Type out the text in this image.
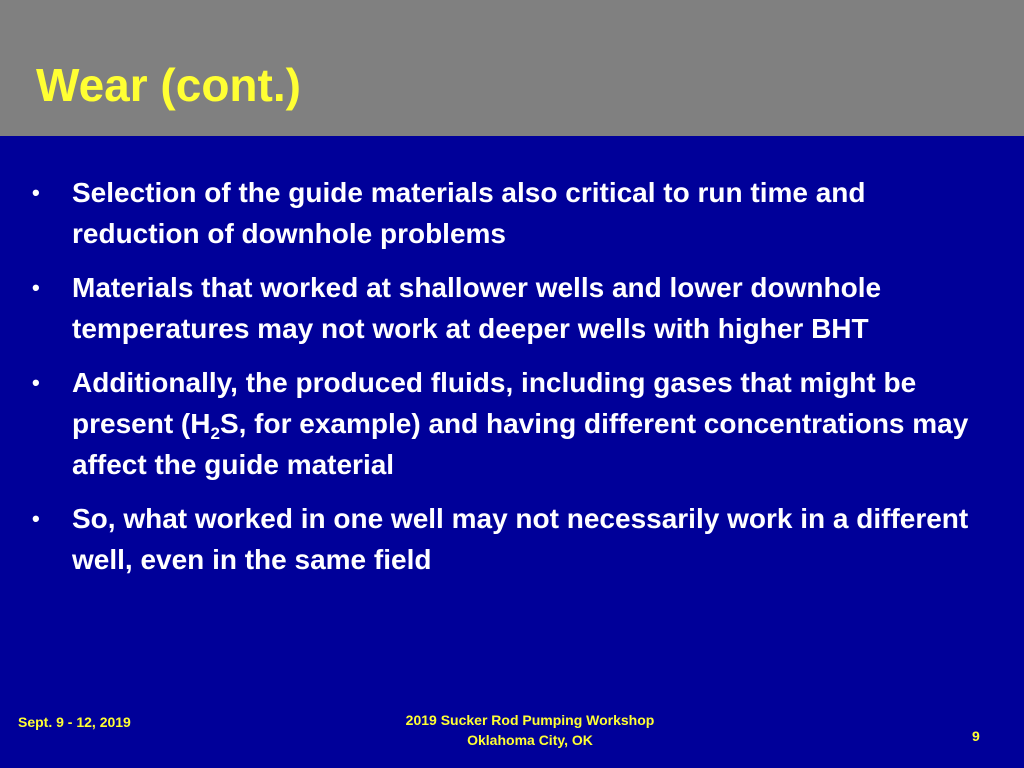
Wear (cont.)
• Selection of the guide materials also critical to run time and reduction of downhole problems
• Materials that worked at shallower wells and lower downhole temperatures may not work at deeper wells with higher BHT
• Additionally, the produced fluids, including gases that might be present ($H_2S$, for example) and having different concentrations may affect the guide material
• So, what worked in one well may not necessarily work in a different well, even in the same field
Sept. 9 - 12, 2019	2019 Sucker Rod Pumping Workshop
Oklahoma City, OK	9
